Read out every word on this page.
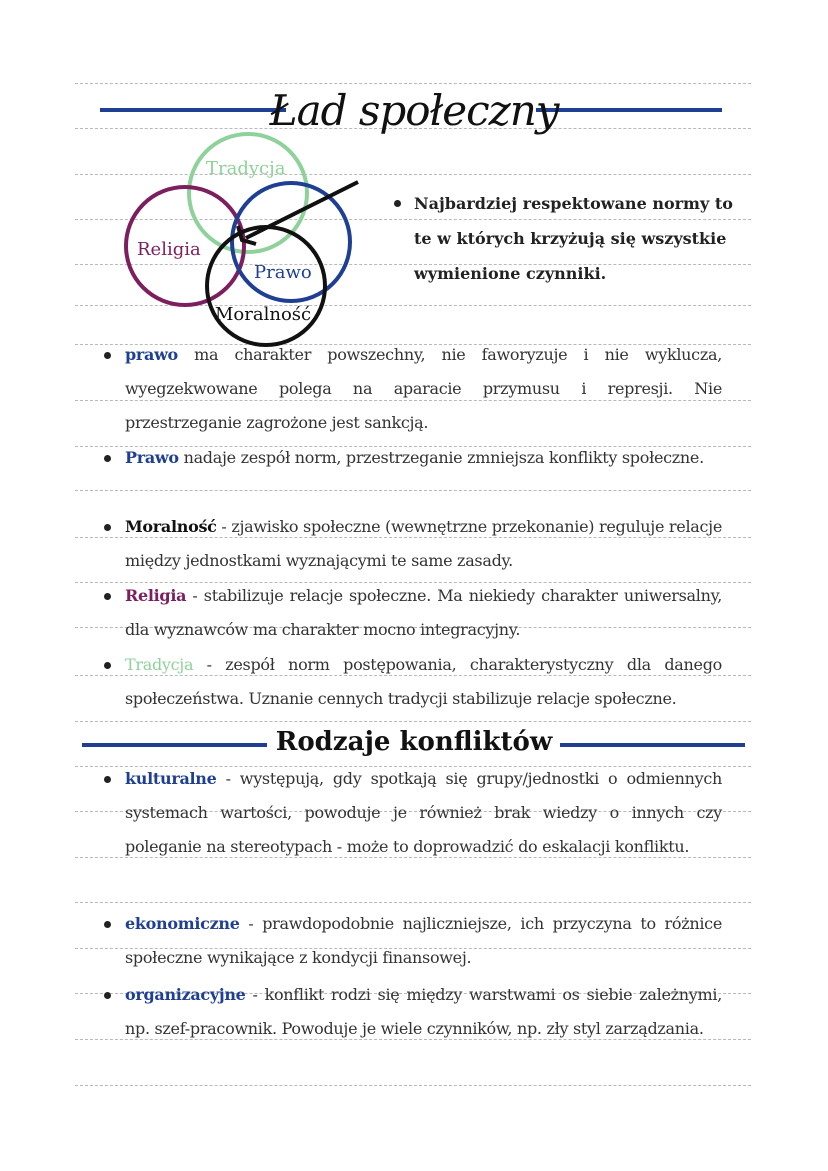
Ład społeczny
Tradycja
Religia
Prawo
Moralność
Najbardziej respektowane normy to te w których krzyżują się wszystkie wymienione czynniki.
prawo ma charakter powszechny, nie faworyzuje i nie wyklucza, wyegzekwowane polega na aparacie przymusu i represji. Nie przestrzeganie zagrożone jest sankcją.
Prawo nadaje zespół norm, przestrzeganie zmniejsza konflikty społeczne.
Moralność - zjawisko społeczne (wewnętrzne przekonanie) reguluje relacje między jednostkami wyznającymi te same zasady.
Religia - stabilizuje relacje społeczne. Ma niekiedy charakter uniwersalny, dla wyznawców ma charakter mocno integracyjny.
Tradycja - zespół norm postępowania, charakterystyczny dla danego społeczeństwa. Uznanie cennych tradycji stabilizuje relacje społeczne.
Rodzaje konfliktów
kulturalne - występują, gdy spotkają się grupy/jednostki o odmiennych systemach wartości, powoduje je również brak wiedzy o innych czy poleganie na stereotypach - może to doprowadzić do eskalacji konfliktu.
ekonomiczne - prawdopodobnie najliczniejsze, ich przyczyna to różnice społeczne wynikające z kondycji finansowej.
organizacyjne - konflikt rodzi się między warstwami os siebie zależnymi, np. szef-pracownik. Powoduje je wiele czynników, np. zły styl zarządzania.
